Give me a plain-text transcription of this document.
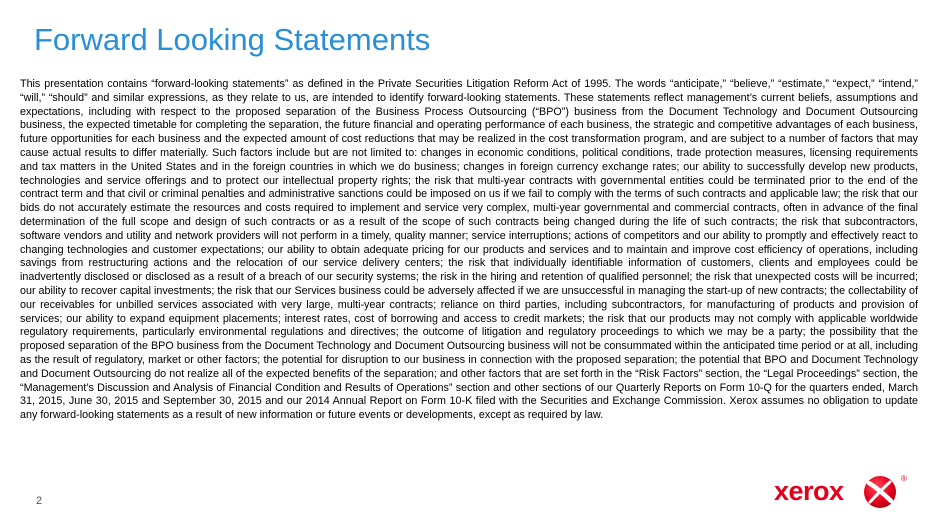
Forward Looking Statements

This presentation contains “forward-looking statements” as defined in the Private Securities Litigation Reform Act of 1995. The words “anticipate,” “believe,” “estimate,” “expect,” “intend,” “will,” “should” and similar expressions, as they relate to us, are intended to identify forward-looking statements. These statements reflect management’s current beliefs, assumptions and expectations, including with respect to the proposed separation of the Business Process Outsourcing (“BPO”) business from the Document Technology and Document Outsourcing business, the expected timetable for completing the separation, the future financial and operating performance of each business, the strategic and competitive advantages of each business, future opportunities for each business and the expected amount of cost reductions that may be realized in the cost transformation program, and are subject to a number of factors that may cause actual results to differ materially. Such factors include but are not limited to: changes in economic conditions, political conditions, trade protection measures, licensing requirements and tax matters in the United States and in the foreign countries in which we do business; changes in foreign currency exchange rates; our ability to successfully develop new products, technologies and service offerings and to protect our intellectual property rights; the risk that multi-year contracts with governmental entities could be terminated prior to the end of the contract term and that civil or criminal penalties and administrative sanctions could be imposed on us if we fail to comply with the terms of such contracts and applicable law; the risk that our bids do not accurately estimate the resources and costs required to implement and service very complex, multi-year governmental and commercial contracts, often in advance of the final determination of the full scope and design of such contracts or as a result of the scope of such contracts being changed during the life of such contracts; the risk that subcontractors, software vendors and utility and network providers will not perform in a timely, quality manner; service interruptions; actions of competitors and our ability to promptly and effectively react to changing technologies and customer expectations; our ability to obtain adequate pricing for our products and services and to maintain and improve cost efficiency of operations, including savings from restructuring actions and the relocation of our service delivery centers; the risk that individually identifiable information of customers, clients and employees could be inadvertently disclosed or disclosed as a result of a breach of our security systems; the risk in the hiring and retention of qualified personnel; the risk that unexpected costs will be incurred; our ability to recover capital investments; the risk that our Services business could be adversely affected if we are unsuccessful in managing the start-up of new contracts; the collectability of our receivables for unbilled services associated with very large, multi-year contracts; reliance on third parties, including subcontractors, for manufacturing of products and provision of services; our ability to expand equipment placements; interest rates, cost of borrowing and access to credit markets; the risk that our products may not comply with applicable worldwide regulatory requirements, particularly environmental regulations and directives; the outcome of litigation and regulatory proceedings to which we may be a party; the possibility that the proposed separation of the BPO business from the Document Technology and Document Outsourcing business will not be consummated within the anticipated time period or at all, including as the result of regulatory, market or other factors; the potential for disruption to our business in connection with the proposed separation; the potential that BPO and Document Technology and Document Outsourcing do not realize all of the expected benefits of the separation; and other factors that are set forth in the “Risk Factors” section, the “Legal Proceedings” section, the “Management’s Discussion and Analysis of Financial Condition and Results of Operations” section and other sections of our Quarterly Reports on Form 10-Q for the quarters ended, March 31, 2015, June 30, 2015 and September 30, 2015 and our 2014 Annual Report on Form 10-K filed with the Securities and Exchange Commission. Xerox assumes no obligation to update any forward-looking statements as a result of new information or future events or developments, except as required by law.

2	xerox	®
